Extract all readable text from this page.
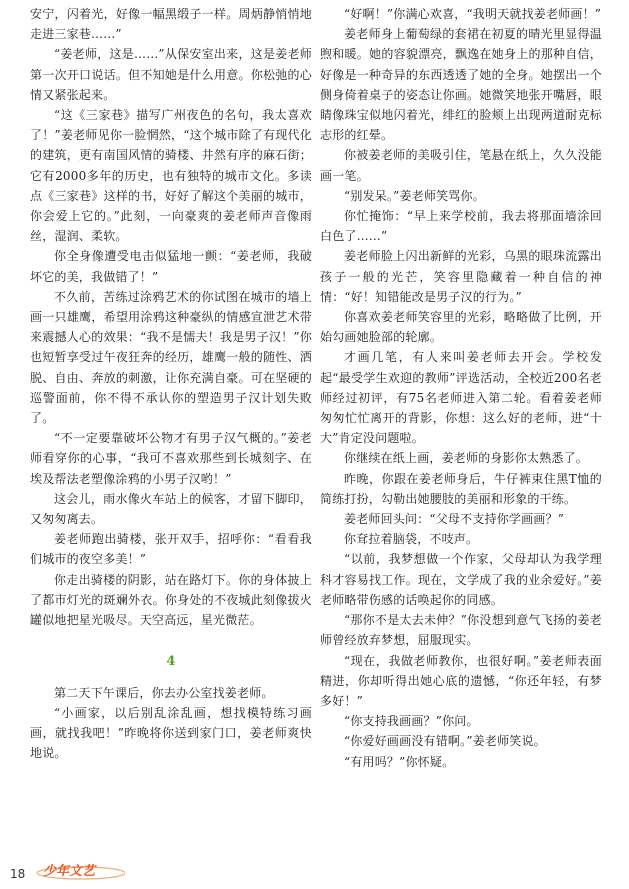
安宁，闪着光，好像一幅黑缎子一样。周炳静悄悄地走进三家巷……”

“姜老师，这是……”从保安室出来，这是姜老师第一次开口说话。但不知她是什么用意。你松弛的心情又紧张起来。

“这《三家巷》描写广州夜色的名句，我太喜欢了！”姜老师见你一脸惘然，“这个城市除了有现代化的建筑，更有南国风情的骑楼、井然有序的麻石街；它有2000多年的历史，也有独特的城市文化。多读点《三家巷》这样的书，好好了解这个美丽的城市，你会爱上它的。”此刻，一向豪爽的姜老师声音像雨丝，湿润、柔软。

你全身像遭受电击似猛地一颤：“姜老师，我破坏它的美，我做错了！”

不久前，苦练过涂鸦艺术的你试图在城市的墙上画一只雄鹰，希望用涂鸦这种豪纵的情感宣泄艺术带来震撼人心的效果：“我不是懦夫！我是男子汉！”你也短暂享受过午夜狂奔的经历，雄鹰一般的随性、洒脱、自由、奔放的刺激，让你充满自豪。可在坚硬的巡警面前，你不得不承认你的塑造男子汉计划失败了。

“不一定要靠破坏公物才有男子汉气概的。”姜老师看穿你的心事，“我可不喜欢那些到长城刻字、在埃及帮法老塑像涂鸦的小男子汉哟！”

这会儿，雨水像火车站上的候客，才留下脚印，又匆匆离去。

姜老师跑出骑楼，张开双手，招呼你：“看看我们城市的夜空多美！”

你走出骑楼的阴影，站在路灯下。你的身体披上了都市灯光的斑斓外衣。你身处的不夜城此刻像拔火罐似地把星光吸尽。天空高远，星光微茫。

4

第二天下午课后，你去办公室找姜老师。

“小画家，以后别乱涂乱画，想找模特练习画画，就找我吧！”昨晚将你送到家门口，姜老师爽快地说。

“好啊！”你满心欢喜，“我明天就找姜老师画！”

姜老师身上葡萄绿的套裙在初夏的晴光里显得温煦和暖。她的容貌漂亮，飘逸在她身上的那种自信，好像是一种奇异的东西透透了她的全身。她摆出一个侧身倚着桌子的姿态让你画。她微笑地张开嘴唇，眼睛像珠宝似地闪着光，绯红的脸颊上出现两道耐克标志形的红晕。

你被姜老师的美吸引住，笔悬在纸上，久久没能画一笔。

“别发呆。”姜老师笑骂你。

你忙掩饰：“早上来学校前，我去将那面墙涂回白色了……”

姜老师脸上闪出新鲜的光彩，乌黑的眼珠流露出孩子一般的光芒，笑容里隐藏着一种自信的神情：“好！知错能改是男子汉的行为。”

你喜欢姜老师笑容里的光彩，略略做了比例，开始勾画她脸部的轮廓。

才画几笔，有人来叫姜老师去开会。学校发起“最受学生欢迎的教师”评选活动，全校近200名老师经过初评，有75名老师进入第二轮。看着姜老师匆匆忙忙离开的背影，你想：这么好的老师，进“十大”肯定没问题啦。

你继续在纸上画，姜老师的身影你太熟悉了。

昨晚，你跟在姜老师身后，牛仔裤束住黑T恤的简练打扮，勾勒出她腰肢的美丽和形象的干练。

姜老师回头问：“父母不支持你学画画？”

你耷拉着脑袋，不吱声。

“以前，我梦想做一个作家，父母却认为我学理科才容易找工作。现在，文学成了我的业余爱好。”姜老师略带伤感的话唤起你的同感。

“那你不是太去未伸？”你没想到意气飞扬的姜老师曾经放弃梦想，屈服现实。

“现在，我做老师教你，也很好啊。”姜老师表面精进，你却听得出她心底的遗憾，“你还年轻，有梦多好！”

“你支持我画画？”你问。

“你爱好画画没有错啊。”姜老师笑说。

“有用吗？”你怀疑。

18 少年文艺
